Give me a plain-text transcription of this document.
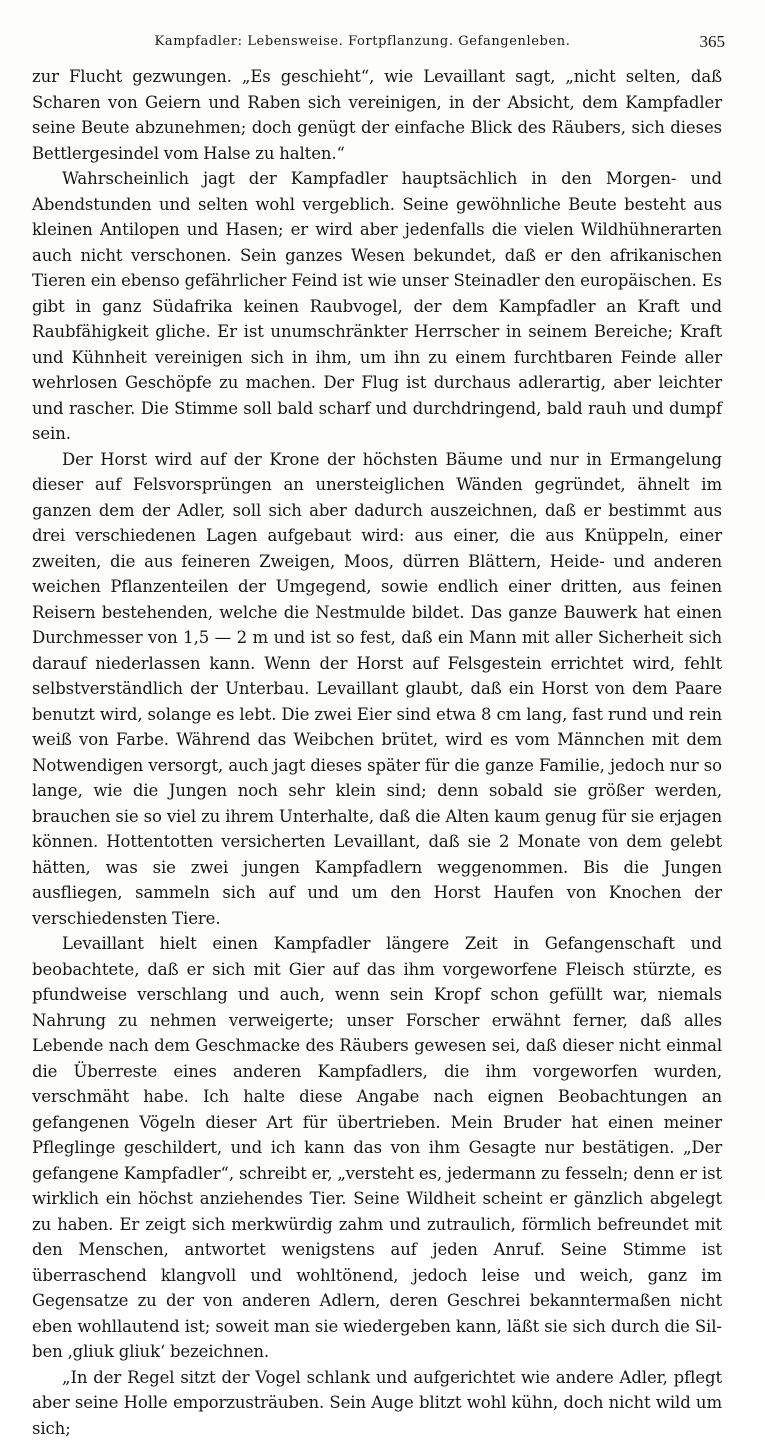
Kampfadler: Lebensweise. Fortpflanzung. Gefangenleben.	365

zur Flucht gezwungen. „Es geschieht“, wie Levaillant sagt, „nicht selten, daß Scharen von Geiern und Raben sich vereinigen, in der Absicht, dem Kampfadler seine Beute abzunehmen; doch genügt der einfache Blick des Räubers, sich dieses Bettlergesindel vom Halse zu halten.“

Wahrscheinlich jagt der Kampfadler hauptsächlich in den Morgen- und Abendstunden und selten wohl vergeblich. Seine gewöhnliche Beute besteht aus kleinen Antilopen und Hasen; er wird aber jedenfalls die vielen Wildhühnerarten auch nicht verschonen. Sein ganzes Wesen bekundet, daß er den afrikanischen Tieren ein ebenso gefährlicher Feind ist wie unser Steinadler den europäischen. Es gibt in ganz Südafrika keinen Raubvogel, der dem Kampfadler an Kraft und Raubfähigkeit gliche. Er ist unumschränkter Herrscher in seinem Bereiche; Kraft und Kühnheit vereinigen sich in ihm, um ihn zu einem furchtbaren Feinde aller wehrlosen Geschöpfe zu machen. Der Flug ist durchaus adlerartig, aber leichter und rascher. Die Stimme soll bald scharf und durchdringend, bald rauh und dumpf sein.

Der Horst wird auf der Krone der höchsten Bäume und nur in Ermangelung dieser auf Felsvorsprüngen an unersteiglichen Wänden gegründet, ähnelt im ganzen dem der Adler, soll sich aber dadurch auszeichnen, daß er bestimmt aus drei verschiedenen Lagen aufgebaut wird: aus einer, die aus Knüppeln, einer zweiten, die aus feineren Zweigen, Moos, dürren Blättern, Heide- und anderen weichen Pflanzenteilen der Umgegend, sowie endlich einer dritten, aus feinen Reisern bestehenden, welche die Nestmulde bildet. Das ganze Bauwerk hat einen Durchmesser von 1,5 — 2 m und ist so fest, daß ein Mann mit aller Sicherheit sich darauf niederlassen kann. Wenn der Horst auf Felsgestein errichtet wird, fehlt selbstverständlich der Unterbau. Levaillant glaubt, daß ein Horst von dem Paare benutzt wird, solange es lebt. Die zwei Eier sind etwa 8 cm lang, fast rund und rein weiß von Farbe. Während das Weibchen brütet, wird es vom Männchen mit dem Notwendigen versorgt, auch jagt dieses später für die ganze Familie, jedoch nur so lange, wie die Jungen noch sehr klein sind; denn sobald sie größer werden, brauchen sie so viel zu ihrem Unterhalte, daß die Alten kaum genug für sie erjagen können. Hottentotten versicherten Levaillant, daß sie 2 Monate von dem gelebt hätten, was sie zwei jungen Kampfadlern weggenommen. Bis die Jungen ausfliegen, sammeln sich auf und um den Horst Haufen von Knochen der verschiedensten Tiere.

Levaillant hielt einen Kampfadler längere Zeit in Gefangenschaft und beobachtete, daß er sich mit Gier auf das ihm vorgeworfene Fleisch stürzte, es pfundweise verschlang und auch, wenn sein Kropf schon gefüllt war, niemals Nahrung zu nehmen verweigerte; unser Forscher erwähnt ferner, daß alles Lebende nach dem Geschmacke des Räubers gewesen sei, daß dieser nicht einmal die Überreste eines anderen Kampfadlers, die ihm vorgeworfen wurden, verschmäht habe. Ich halte diese Angabe nach eignen Beobachtungen an gefangenen Vögeln dieser Art für übertrieben. Mein Bruder hat einen meiner Pfleglinge geschildert, und ich kann das von ihm Gesagte nur bestätigen. „Der gefangene Kampfadler“, schreibt er, „versteht es, jedermann zu fesseln; denn er ist wirklich ein höchst anziehendes Tier. Seine Wildheit scheint er gänzlich abgelegt zu haben. Er zeigt sich merkwürdig zahm und zutraulich, förmlich befreundet mit den Menschen, antwortet wenigstens auf jeden Anruf. Seine Stimme ist überraschend klangvoll und wohltönend, jedoch leise und weich, ganz im Gegensatze zu der von anderen Adlern, deren Geschrei bekanntermaßen nicht eben wohllautend ist; soweit man sie wiedergeben kann, läßt sie sich durch die Silben ‚gliuk gliuk‘ bezeichnen.

„In der Regel sitzt der Vogel schlank und aufgerichtet wie andere Adler, pflegt aber seine Holle emporzusträuben. Sein Auge blitzt wohl kühn, doch nicht wild um sich;
